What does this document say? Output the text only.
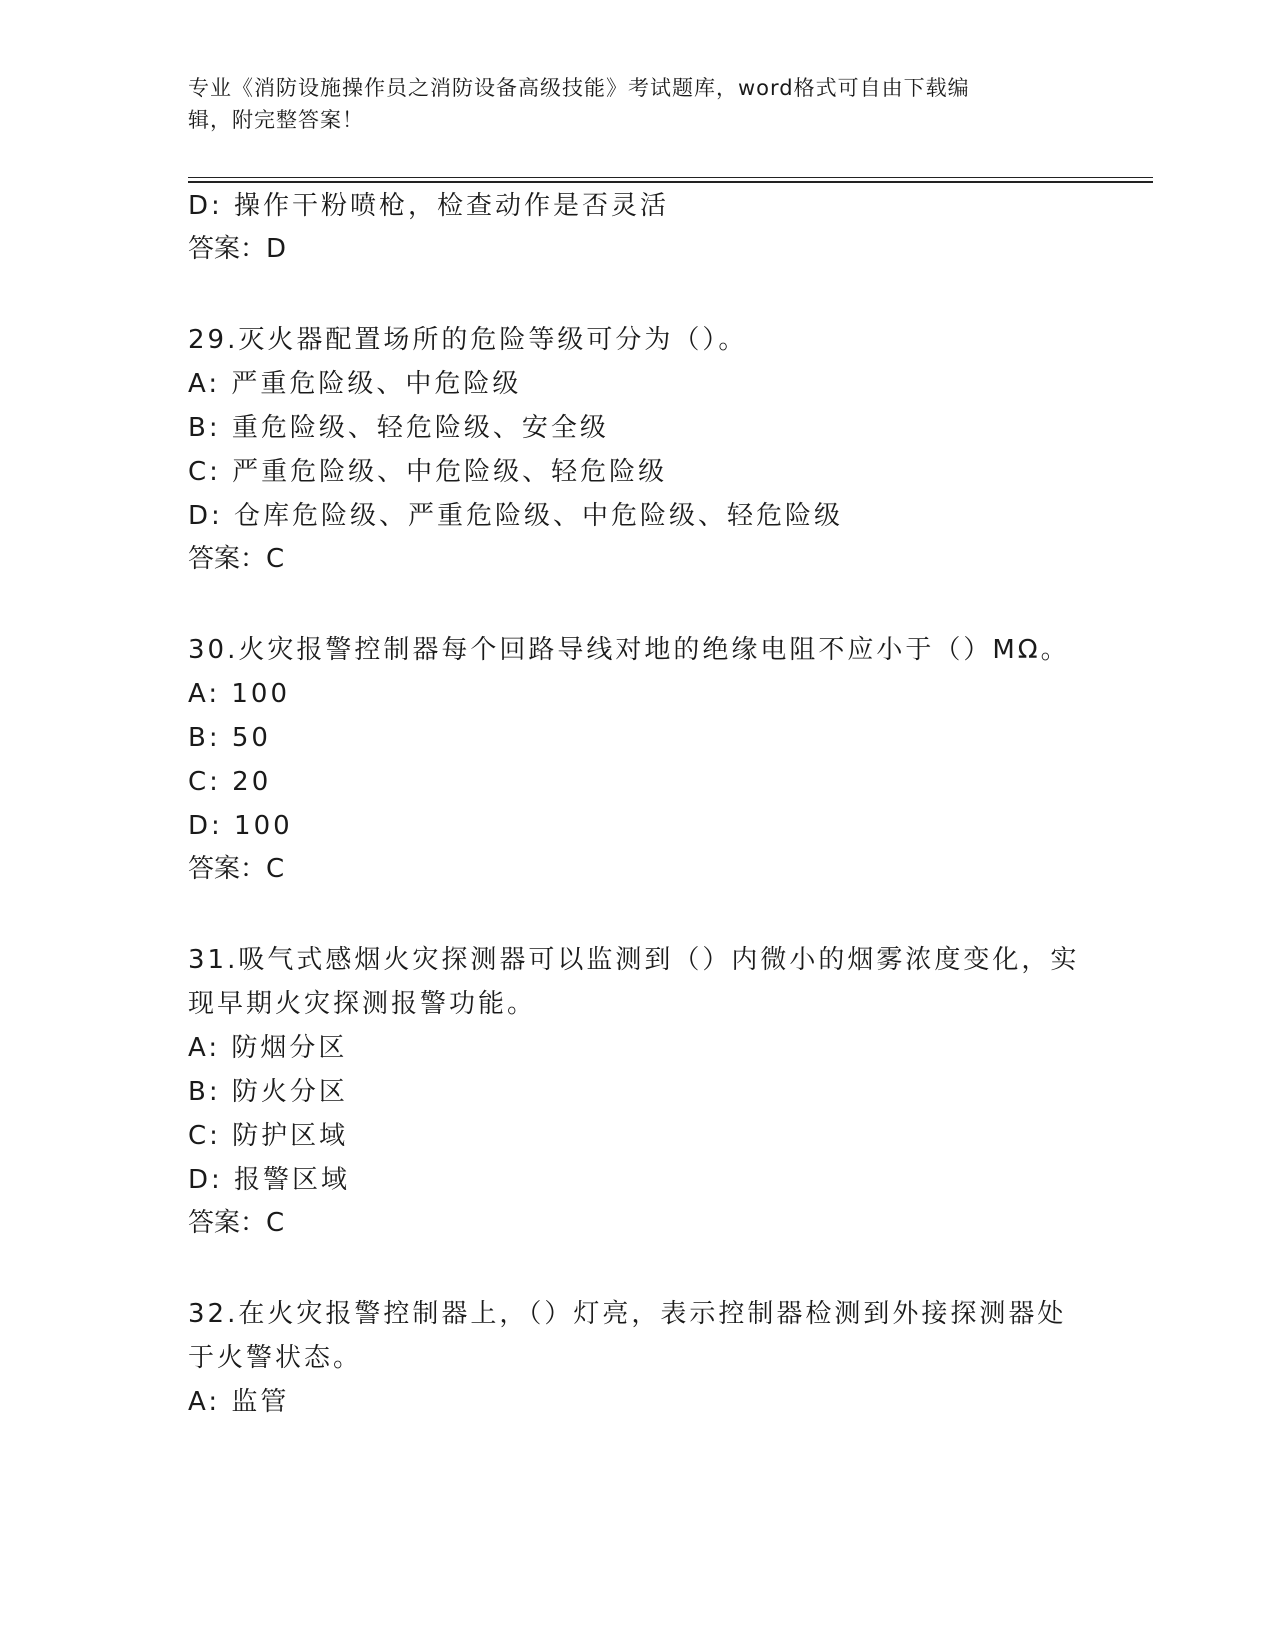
专业《消防设施操作员之消防设备高级技能》考试题库，word格式可自由下载编
辑，附完整答案！
D: 操作干粉喷枪，检查动作是否灵活
答案：D
29.灭火器配置场所的危险等级可分为（）。
A: 严重危险级、中危险级
B: 重危险级、轻危险级、安全级
C: 严重危险级、中危险级、轻危险级
D: 仓库危险级、严重危险级、中危险级、轻危险级
答案：C
30.火灾报警控制器每个回路导线对地的绝缘电阻不应小于（）MΩ。
A: 100
B: 50
C: 20
D: 100
答案：C
31.吸气式感烟火灾探测器可以监测到（）内微小的烟雾浓度变化，实
现早期火灾探测报警功能。
A: 防烟分区
B: 防火分区
C: 防护区域
D: 报警区域
答案：C
32.在火灾报警控制器上，（）灯亮，表示控制器检测到外接探测器处
于火警状态。
A: 监管
